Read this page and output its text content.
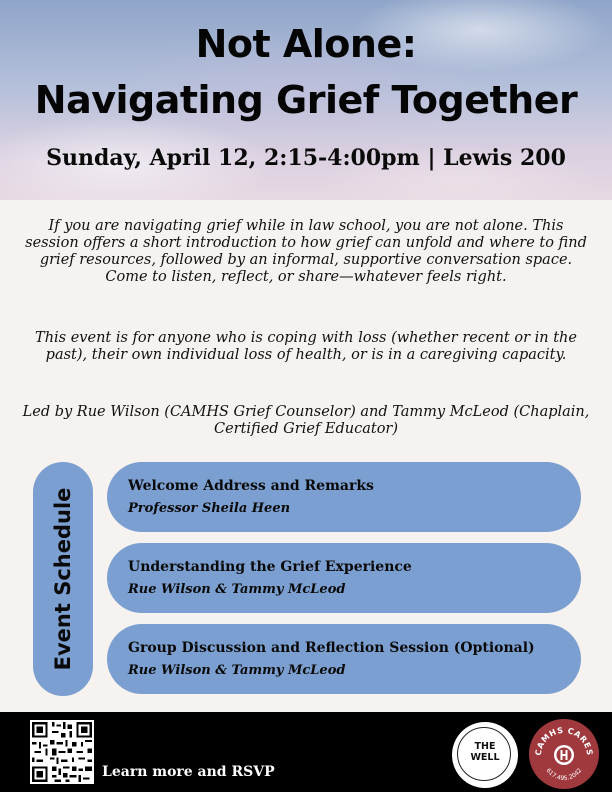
Not Alone:
Navigating Grief Together
Sunday, April 12, 2:15-4:00pm | Lewis 200

If you are navigating grief while in law school, you are not alone. This session offers a short introduction to how grief can unfold and where to find grief resources, followed by an informal, supportive conversation space. Come to listen, reflect, or share—whatever feels right.

This event is for anyone who is coping with loss (whether recent or in the past), their own individual loss of health, or is in a caregiving capacity.

Led by Rue Wilson (CAMHS Grief Counselor) and Tammy McLeod (Chaplain, Certified Grief Educator)

Event Schedule
Welcome Address and Remarks
Professor Sheila Heen
Understanding the Grief Experience
Rue Wilson & Tammy McLeod
Group Discussion and Reflection Session (Optional)
Rue Wilson & Tammy McLeod
Learn more and RSVP
THE
WELL	CAMHS CARES
617.495.2042
